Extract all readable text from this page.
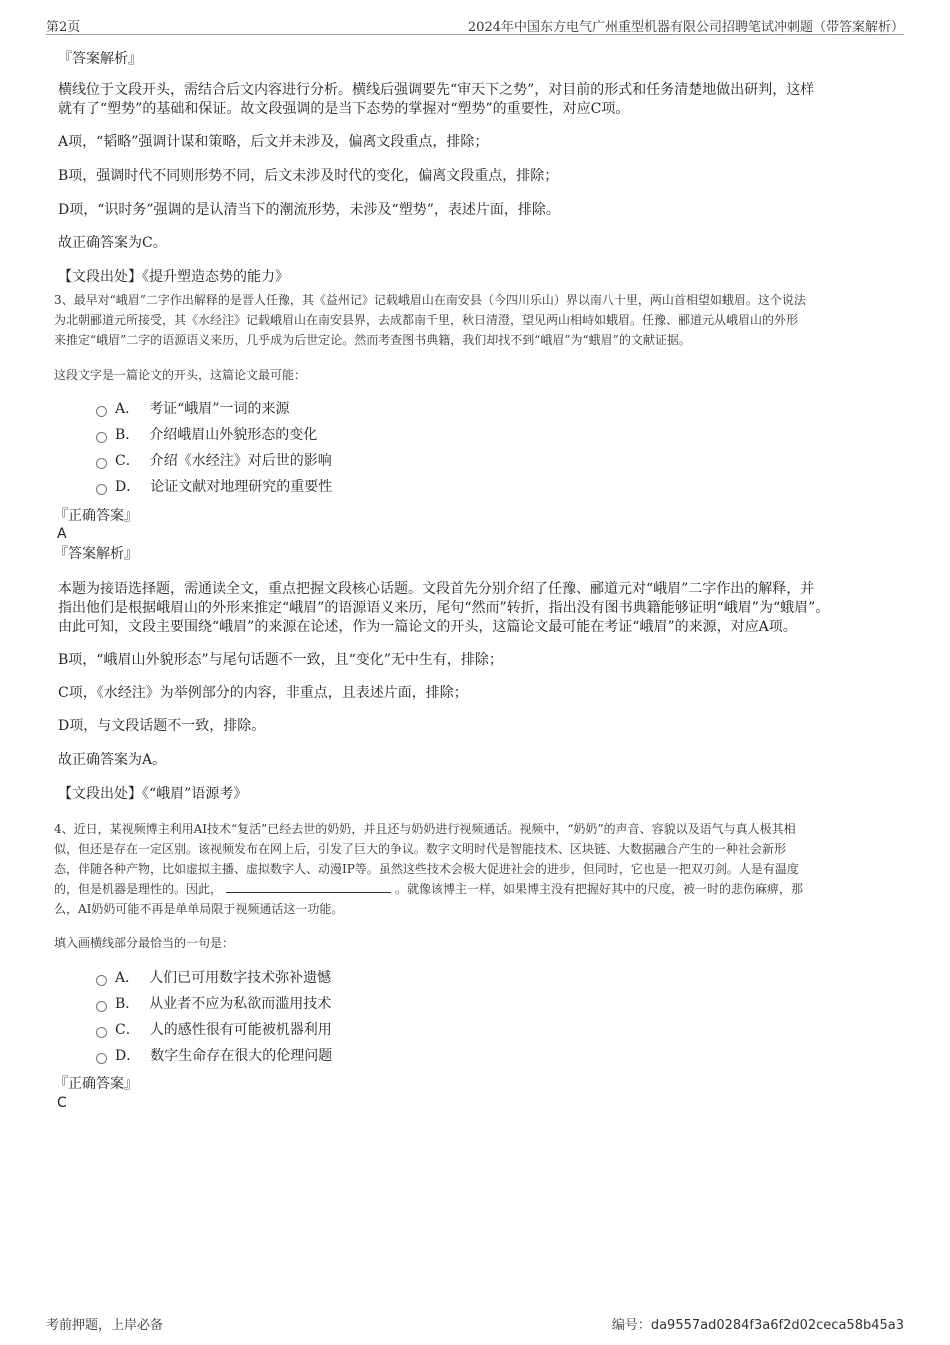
第2页	2024年中国东方电气广州重型机器有限公司招聘笔试冲刺题（带答案解析）
『答案解析』
横线位于文段开头，需结合后文内容进行分析。横线后强调要先“审天下之势”，对目前的形式和任务清楚地做出研判，这样
就有了“塑势”的基础和保证。故文段强调的是当下态势的掌握对“塑势”的重要性，对应C项。
A项，“韬略”强调计谋和策略，后文并未涉及，偏离文段重点，排除；
B项，强调时代不同则形势不同，后文未涉及时代的变化，偏离文段重点，排除；
D项，“识时务”强调的是认清当下的潮流形势，未涉及“塑势”，表述片面，排除。
故正确答案为C。
【文段出处】《提升塑造态势的能力》
3、最早对“峨眉”二字作出解释的是晋人任豫，其《益州记》记载峨眉山在南安县（今四川乐山）界以南八十里，两山首相望如蛾眉。这个说法
为北朝郦道元所接受，其《水经注》记载峨眉山在南安县界，去成都南千里，秋日清澄，望见两山相峙如蛾眉。任豫、郦道元从峨眉山的外形
来推定“峨眉”二字的语源语义来历，几乎成为后世定论。然而考查图书典籍，我们却找不到“峨眉”为“蛾眉”的文献证据。
这段文字是一篇论文的开头，这篇论文最可能：
A． 考证“峨眉”一词的来源
B． 介绍峨眉山外貌形态的变化
C． 介绍《水经注》对后世的影响
D． 论证文献对地理研究的重要性
『正确答案』
A
『答案解析』
本题为接语选择题，需通读全文，重点把握文段核心话题。文段首先分别介绍了任豫、郦道元对“峨眉”二字作出的解释，并
指出他们是根据峨眉山的外形来推定“峨眉”的语源语义来历，尾句“然而”转折，指出没有图书典籍能够证明“峨眉”为“蛾眉”。
由此可知，文段主要围绕“峨眉”的来源在论述，作为一篇论文的开头，这篇论文最可能在考证“峨眉”的来源，对应A项。
B项，“峨眉山外貌形态”与尾句话题不一致，且“变化”无中生有，排除；
C项，《水经注》为举例部分的内容，非重点，且表述片面，排除；
D项，与文段话题不一致，排除。
故正确答案为A。
【文段出处】《“峨眉”语源考》
4、近日，某视频博主利用AI技术“复活”已经去世的奶奶，并且还与奶奶进行视频通话。视频中，“奶奶”的声音、容貌以及语气与真人极其相
似，但还是存在一定区别。该视频发布在网上后，引发了巨大的争议。数字文明时代是智能技术、区块链、大数据融合产生的一种社会新形
态，伴随各种产物，比如虚拟主播、虚拟数字人、动漫IP等。虽然这些技术会极大促进社会的进步，但同时，它也是一把双刃剑。人是有温度
的，但是机器是理性的。因此，	。就像该博主一样，如果博主没有把握好其中的尺度，被一时的悲伤麻痹，那
么，AI奶奶可能不再是单单局限于视频通话这一功能。
填入画横线部分最恰当的一句是：
A． 人们已可用数字技术弥补遗憾
B． 从业者不应为私欲而滥用技术
C． 人的感性很有可能被机器利用
D． 数字生命存在很大的伦理问题
『正确答案』
C
考前押题，上岸必备	编号：da9557ad0284f3a6f2d02ceca58b45a3
